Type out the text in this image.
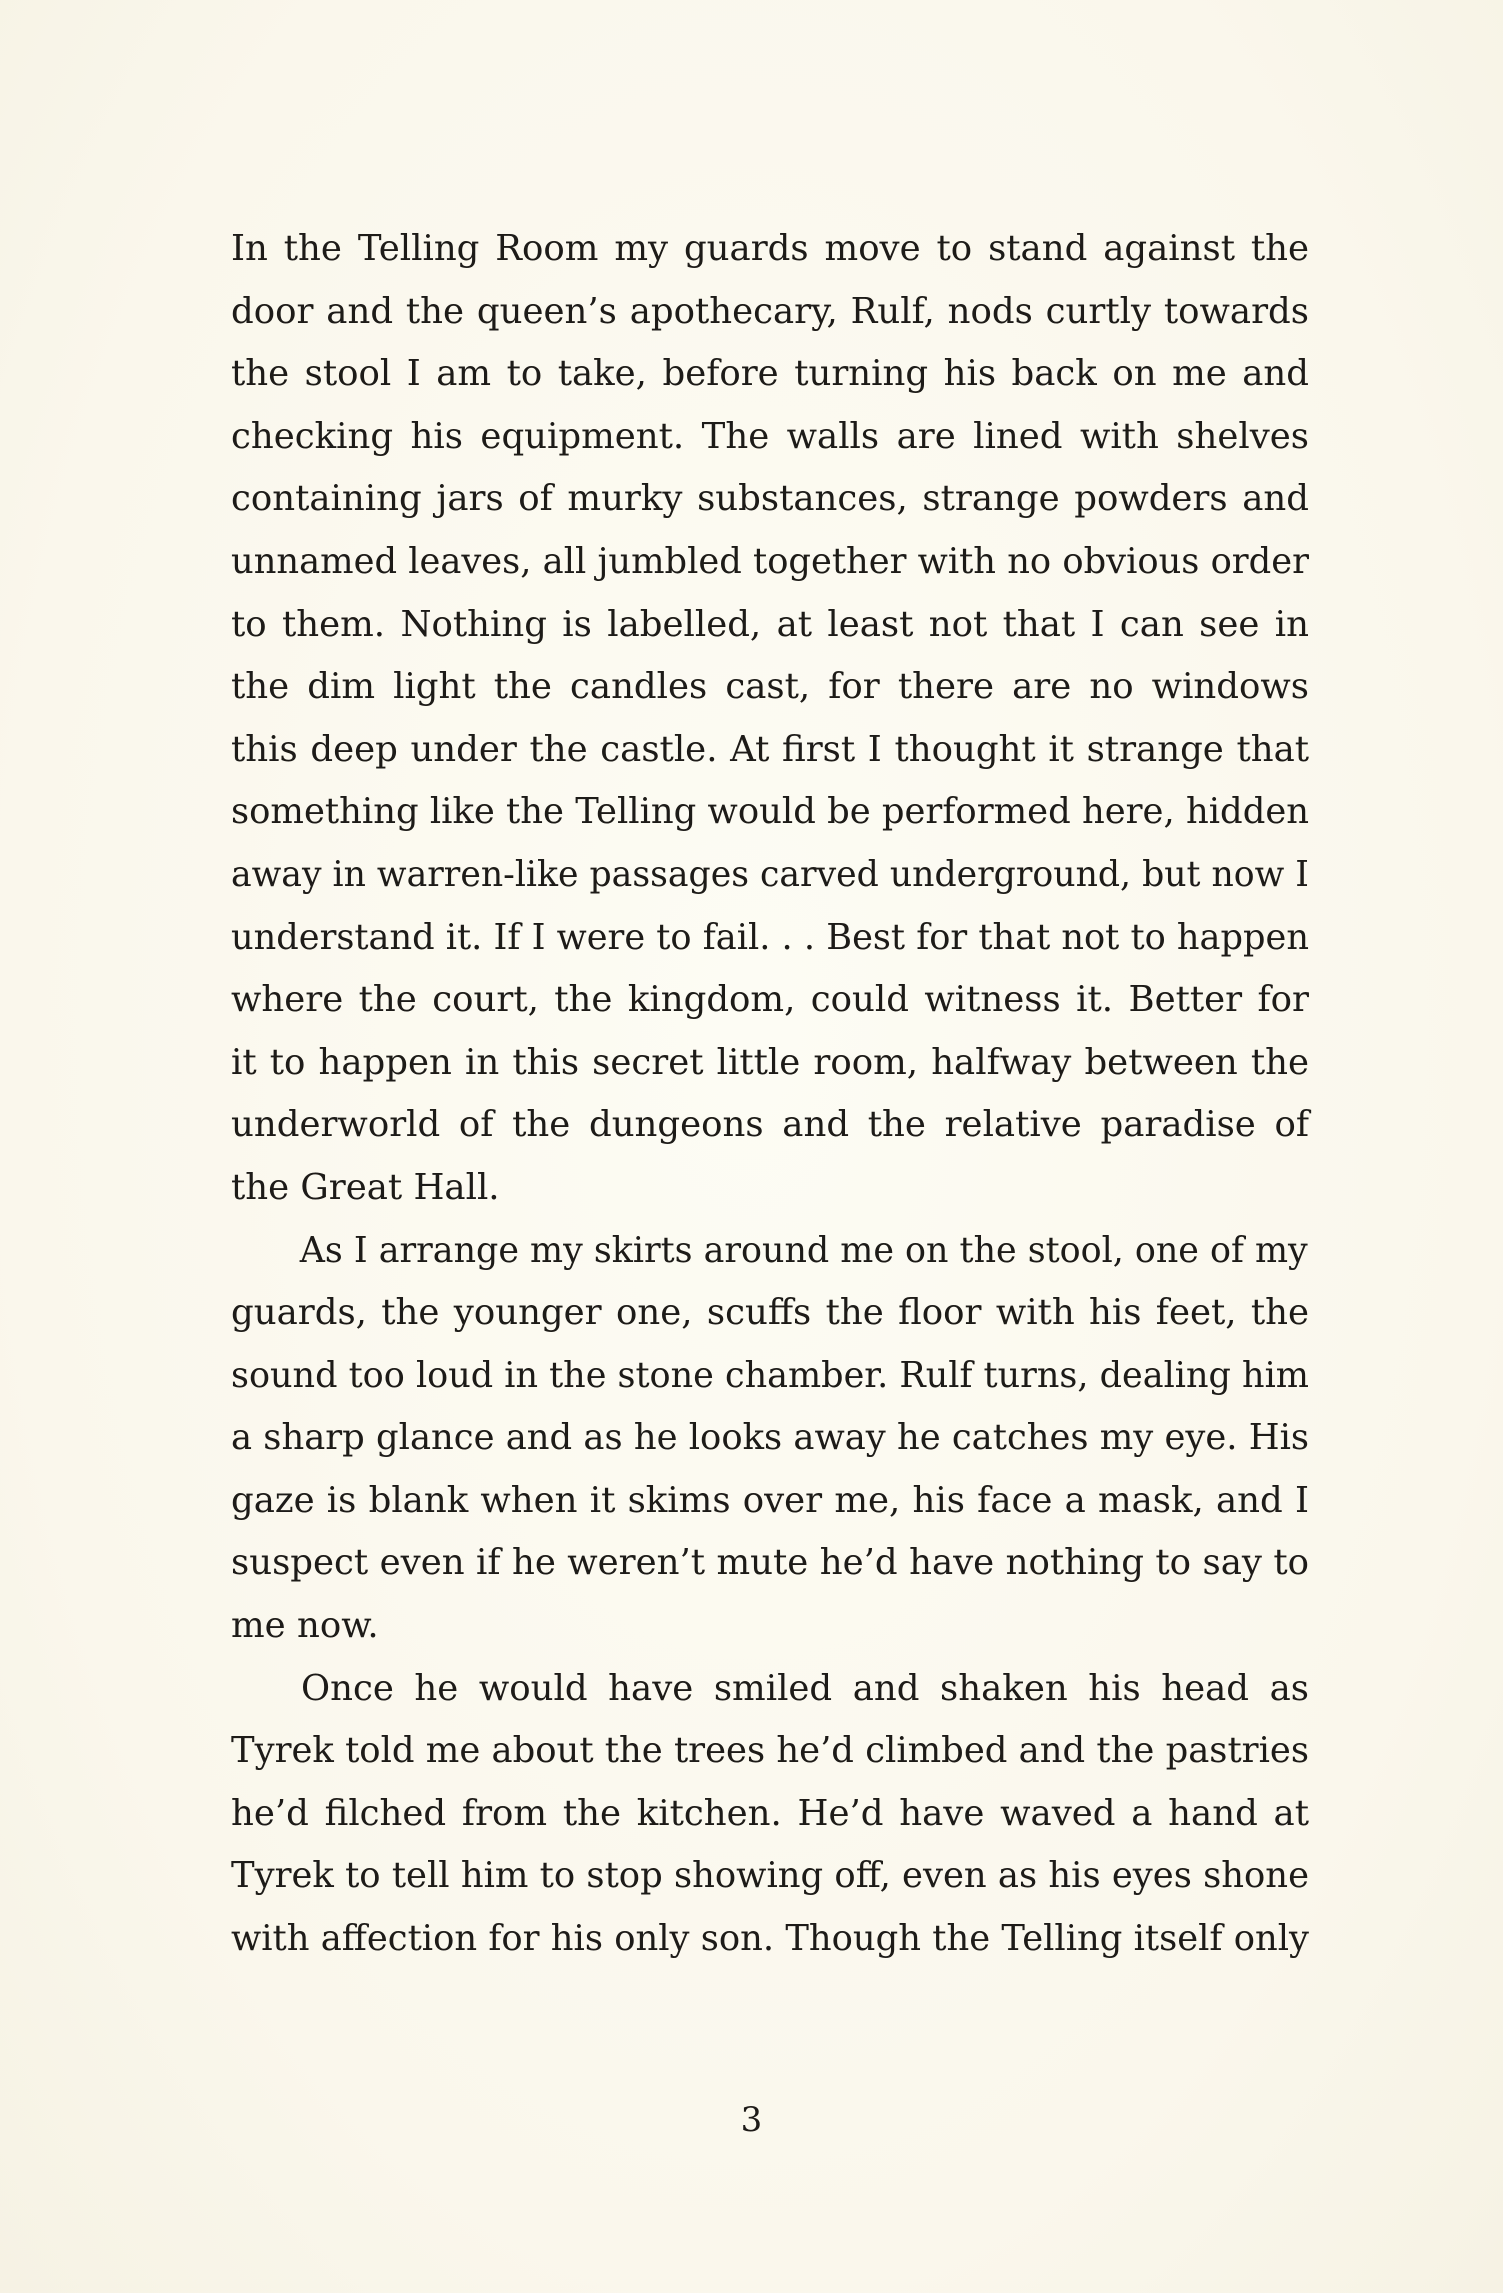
In the Telling Room my guards move to stand against the
door and the queen’s apothecary, Rulf, nods curtly towards
the stool I am to take, before turning his back on me and
checking his equipment. The walls are lined with shelves
containing jars of murky substances, strange powders and
unnamed leaves, all jumbled together with no obvious order
to them. Nothing is labelled, at least not that I can see in
the dim light the candles cast, for there are no windows
this deep under the castle. At first I thought it strange that
something like the Telling would be performed here, hidden
away in warren-like passages carved underground, but now I
understand it. If I were to fail. . . Best for that not to happen
where the court, the kingdom, could witness it. Better for
it to happen in this secret little room, halfway between the
underworld of the dungeons and the relative paradise of
the Great Hall.
As I arrange my skirts around me on the stool, one of my
guards, the younger one, scuffs the floor with his feet, the
sound too loud in the stone chamber. Rulf turns, dealing him
a sharp glance and as he looks away he catches my eye. His
gaze is blank when it skims over me, his face a mask, and I
suspect even if he weren’t mute he’d have nothing to say to
me now.
Once he would have smiled and shaken his head as
Tyrek told me about the trees he’d climbed and the pastries
he’d filched from the kitchen. He’d have waved a hand at
Tyrek to tell him to stop showing off, even as his eyes shone
with affection for his only son. Though the Telling itself only
3
